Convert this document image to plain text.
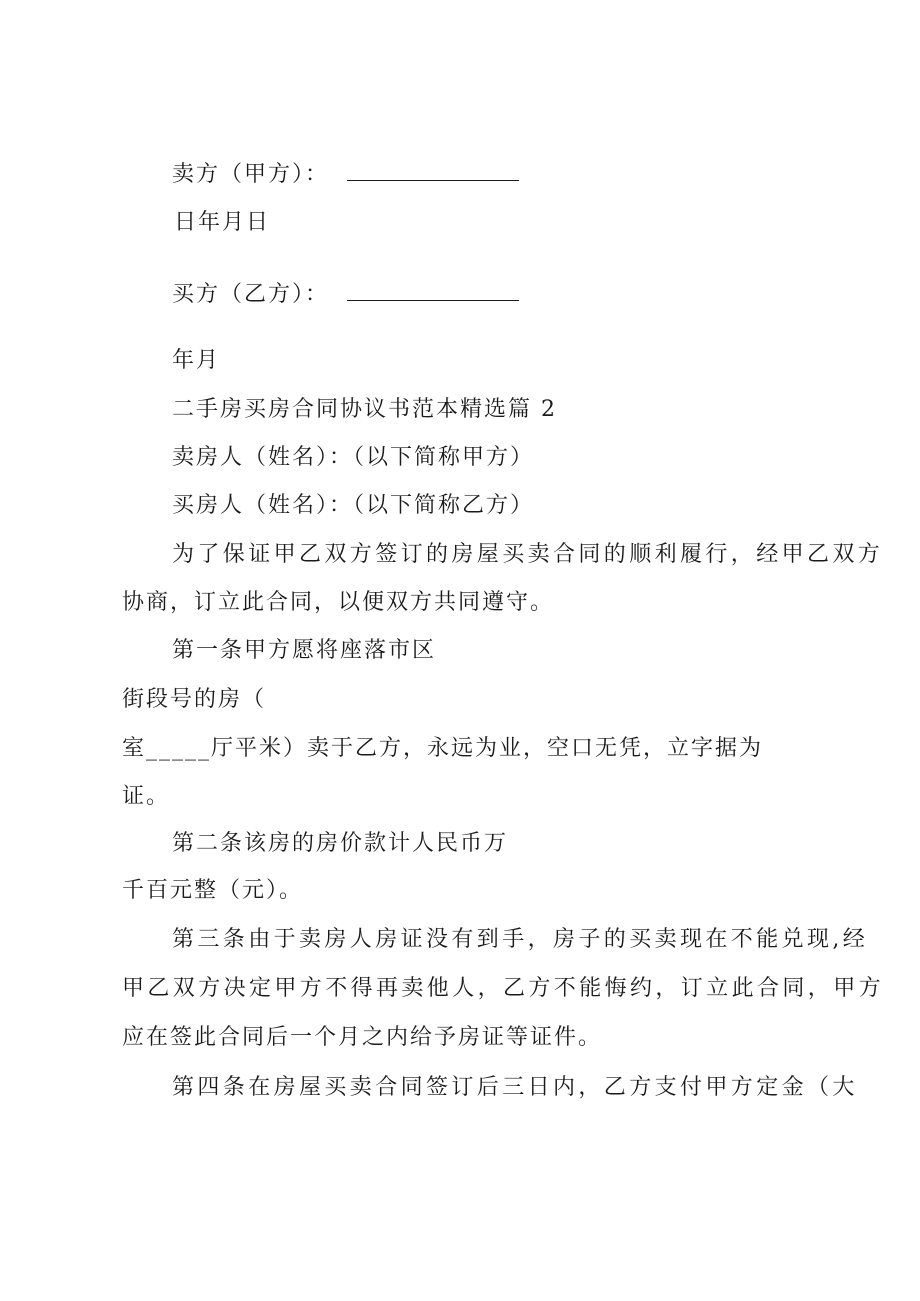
卖方（甲方）：
日年月日
买方（乙方）：
年月
二手房买房合同协议书范本精选篇 2
卖房人（姓名）：（以下简称甲方）
买房人（姓名）：（以下简称乙方）
为了保证甲乙双方签订的房屋买卖合同的顺利履行，经甲乙双方
协商，订立此合同，以便双方共同遵守。
第一条甲方愿将座落市区
街段号的房（
室_____厅平米）卖于乙方，永远为业，空口无凭，立字据为
证。
第二条该房的房价款计人民币万
千百元整（元）。
第三条由于卖房人房证没有到手，房子的买卖现在不能兑现,经
甲乙双方决定甲方不得再卖他人，乙方不能悔约，订立此合同，甲方
应在签此合同后一个月之内给予房证等证件。
第四条在房屋买卖合同签订后三日内，乙方支付甲方定金（大
